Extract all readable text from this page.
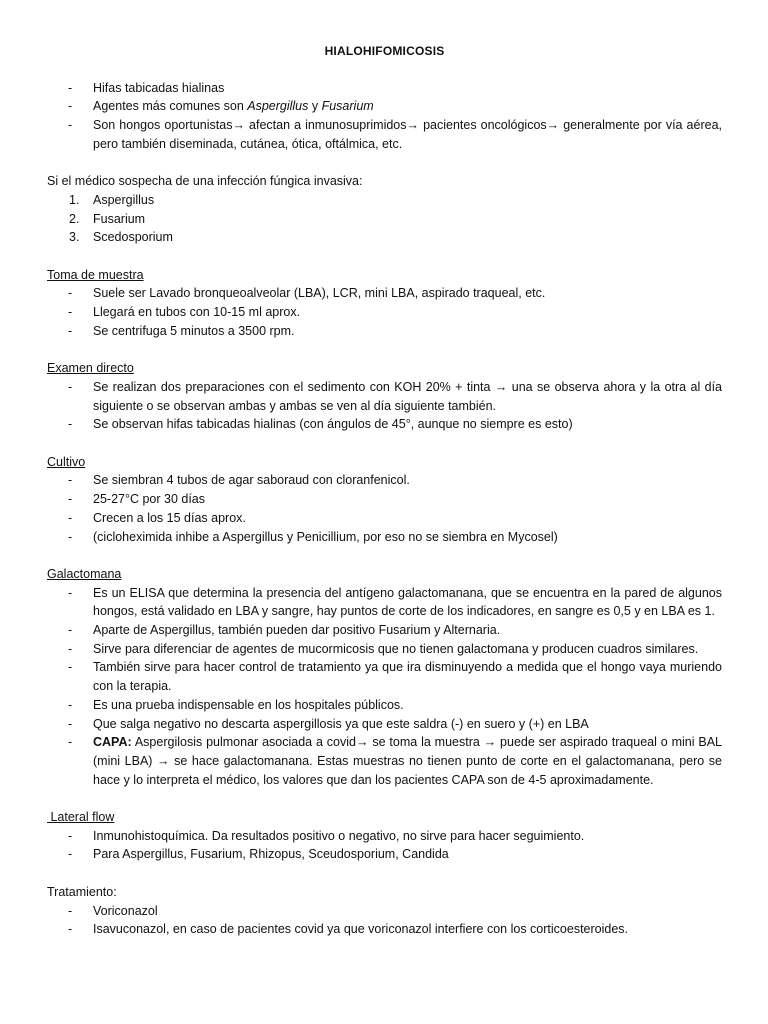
HIALOHIFOMICOSIS
- Hifas tabicadas hialinas
- Agentes más comunes son Aspergillus y Fusarium
- Son hongos oportunistas→ afectan a inmunosuprimidos→ pacientes oncológicos→ generalmente por vía aérea, pero también diseminada, cutánea, ótica, oftálmica, etc.

Si el médico sospecha de una infección fúngica invasiva:

1. Aspergillus
2. Fusarium
3. Scedosporium

Toma de muestra

- Suele ser Lavado bronqueoalveolar (LBA), LCR, mini LBA, aspirado traqueal, etc.
- Llegará en tubos con 10-15 ml aprox.
- Se centrifuga 5 minutos a 3500 rpm.

Examen directo

- Se realizan dos preparaciones con el sedimento con KOH 20% + tinta → una se observa ahora y la otra al día siguiente o se observan ambas y ambas se ven al día siguiente también.
- Se observan hifas tabicadas hialinas (con ángulos de 45°, aunque no siempre es esto)

Cultivo

- Se siembran 4 tubos de agar saboraud con cloranfenicol.
- 25-27°C por 30 días
- Crecen a los 15 días aprox.
- (cicloheximida inhibe a Aspergillus y Penicillium, por eso no se siembra en Mycosel)

Galactomana

- Es un ELISA que determina la presencia del antígeno galactomanana, que se encuentra en la pared de algunos hongos, está validado en LBA y sangre, hay puntos de corte de los indicadores, en sangre es 0,5 y en LBA es 1.
- Aparte de Aspergillus, también pueden dar positivo Fusarium y Alternaria.
- Sirve para diferenciar de agentes de mucormicosis que no tienen galactomana y producen cuadros similares.
- También sirve para hacer control de tratamiento ya que ira disminuyendo a medida que el hongo vaya muriendo con la terapia.
- Es una prueba indispensable en los hospitales públicos.
- Que salga negativo no descarta aspergillosis ya que este saldra (-) en suero y (+) en LBA
- CAPA: Aspergilosis pulmonar asociada a covid→ se toma la muestra → puede ser aspirado traqueal o mini BAL (mini LBA) → se hace galactomanana. Estas muestras no tienen punto de corte en el galactomanana, pero se hace y lo interpreta el médico, los valores que dan los pacientes CAPA son de 4-5 aproximadamente.

Lateral flow

- Inmunohistoquímica. Da resultados positivo o negativo, no sirve para hacer seguimiento.
- Para Aspergillus, Fusarium, Rhizopus, Sceudosporium, Candida

Tratamiento:

- Voriconazol
- Isavuconazol, en caso de pacientes covid ya que voriconazol interfiere con los corticoesteroides.
